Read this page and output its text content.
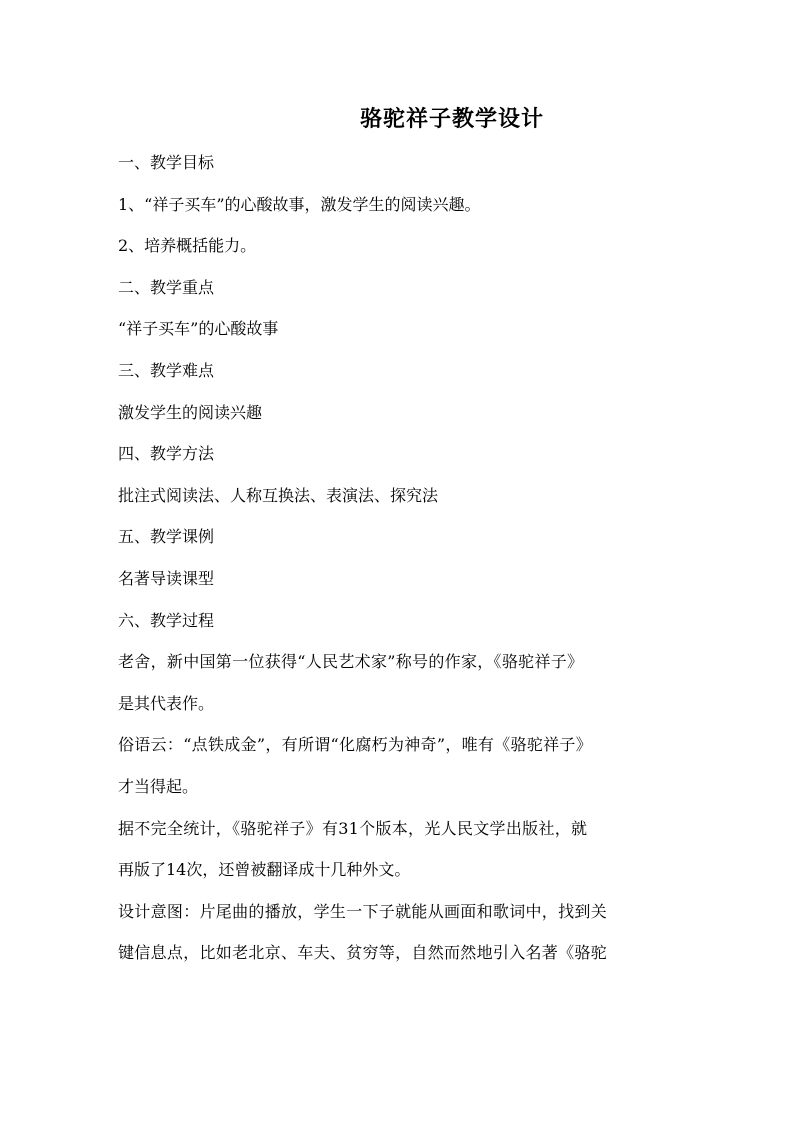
骆驼祥子教学设计
一、教学目标
1、“祥子买车”的心酸故事，激发学生的阅读兴趣。
2、培养概括能力。
二、教学重点
“祥子买车”的心酸故事
三、教学难点
激发学生的阅读兴趣
四、教学方法
批注式阅读法、人称互换法、表演法、探究法
五、教学课例
名著导读课型
六、教学过程
老舍，新中国第一位获得“人民艺术家”称号的作家，《骆驼祥子》
是其代表作。
俗语云：“点铁成金”，有所谓“化腐朽为神奇”，唯有《骆驼祥子》
才当得起。
据不完全统计，《骆驼祥子》有31个版本，光人民文学出版社，就
再版了14次，还曾被翻译成十几种外文。
设计意图：片尾曲的播放，学生一下子就能从画面和歌词中，找到关
键信息点，比如老北京、车夫、贫穷等，自然而然地引入名著《骆驼
